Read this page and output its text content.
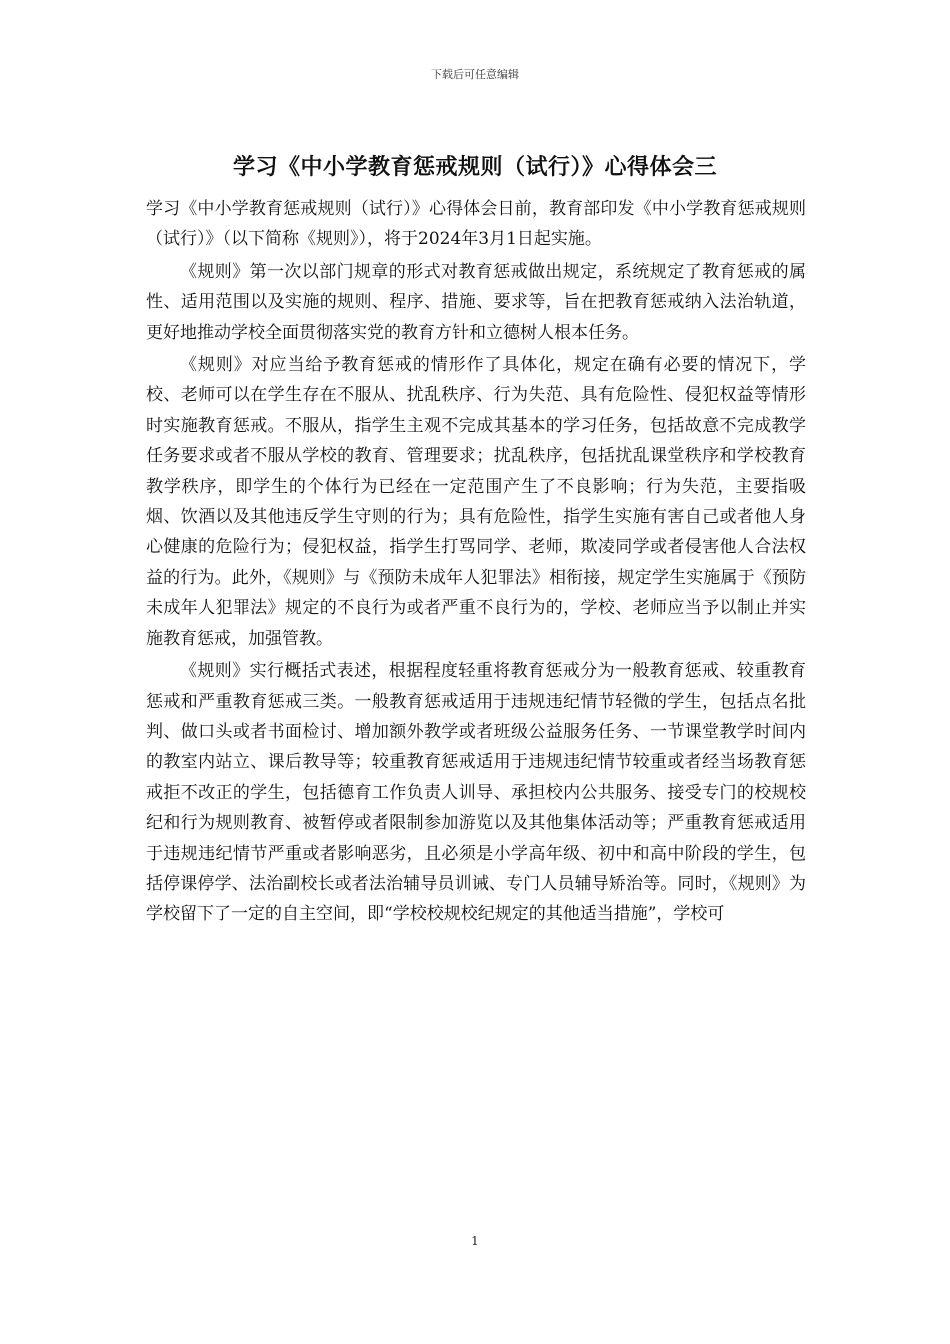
下载后可任意编辑
学习《中小学教育惩戒规则（试行）》心得体会三

学习《中小学教育惩戒规则（试行）》心得体会日前，教育部印发《中小学教育惩戒规则（试行）》（以下简称《规则》），将于2024年3月1日起实施。

《规则》第一次以部门规章的形式对教育惩戒做出规定，系统规定了教育惩戒的属性、适用范围以及实施的规则、程序、措施、要求等，旨在把教育惩戒纳入法治轨道，更好地推动学校全面贯彻落实党的教育方针和立德树人根本任务。

《规则》对应当给予教育惩戒的情形作了具体化，规定在确有必要的情况下，学校、老师可以在学生存在不服从、扰乱秩序、行为失范、具有危险性、侵犯权益等情形时实施教育惩戒。不服从，指学生主观不完成其基本的学习任务，包括故意不完成教学任务要求或者不服从学校的教育、管理要求；扰乱秩序，包括扰乱课堂秩序和学校教育教学秩序，即学生的个体行为已经在一定范围产生了不良影响；行为失范，主要指吸烟、饮酒以及其他违反学生守则的行为；具有危险性，指学生实施有害自己或者他人身心健康的危险行为；侵犯权益，指学生打骂同学、老师，欺凌同学或者侵害他人合法权益的行为。此外，《规则》与《预防未成年人犯罪法》相衔接，规定学生实施属于《预防未成年人犯罪法》规定的不良行为或者严重不良行为的，学校、老师应当予以制止并实施教育惩戒，加强管教。

《规则》实行概括式表述，根据程度轻重将教育惩戒分为一般教育惩戒、较重教育惩戒和严重教育惩戒三类。一般教育惩戒适用于违规违纪情节轻微的学生，包括点名批判、做口头或者书面检讨、增加额外教学或者班级公益服务任务、一节课堂教学时间内的教室内站立、课后教导等；较重教育惩戒适用于违规违纪情节较重或者经当场教育惩戒拒不改正的学生，包括德育工作负责人训导、承担校内公共服务、接受专门的校规校纪和行为规则教育、被暂停或者限制参加游览以及其他集体活动等；严重教育惩戒适用于违规违纪情节严重或者影响恶劣，且必须是小学高年级、初中和高中阶段的学生，包括停课停学、法治副校长或者法治辅导员训诫、专门人员辅导矫治等。同时，《规则》为学校留下了一定的自主空间，即“学校校规校纪规定的其他适当措施”，学校可

1
